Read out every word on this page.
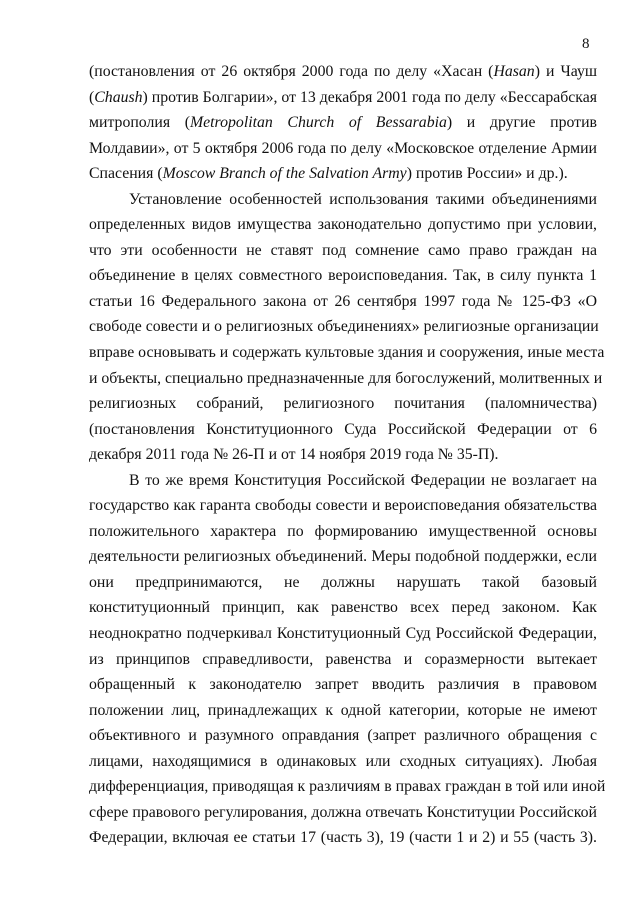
8
(постановления от 26 октября 2000 года по делу «Хасан (Hasan) и Чауш
(Chaush) против Болгарии», от 13 декабря 2001 года по делу «Бессарабская
митрополия (Metropolitan Church of Bessarabia) и другие против
Молдавии», от 5 октября 2006 года по делу «Московское отделение Армии
Спасения (Moscow Branch of the Salvation Army) против России» и др.).
Установление особенностей использования такими объединениями
определенных видов имущества законодательно допустимо при условии,
что эти особенности не ставят под сомнение само право граждан на
объединение в целях совместного вероисповедания. Так, в силу пункта 1
статьи 16 Федерального закона от 26 сентября 1997 года № 125-ФЗ «О
свободе совести и о религиозных объединениях» религиозные организации
вправе основывать и содержать культовые здания и сооружения, иные места
и объекты, специально предназначенные для богослужений, молитвенных и
религиозных собраний, религиозного почитания (паломничества)
(постановления Конституционного Суда Российской Федерации от 6
декабря 2011 года № 26-П и от 14 ноября 2019 года № 35-П).
В то же время Конституция Российской Федерации не возлагает на
государство как гаранта свободы совести и вероисповедания обязательства
положительного характера по формированию имущественной основы
деятельности религиозных объединений. Меры подобной поддержки, если
они предпринимаются, не должны нарушать такой базовый
конституционный принцип, как равенство всех перед законом. Как
неоднократно подчеркивал Конституционный Суд Российской Федерации,
из принципов справедливости, равенства и соразмерности вытекает
обращенный к законодателю запрет вводить различия в правовом
положении лиц, принадлежащих к одной категории, которые не имеют
объективного и разумного оправдания (запрет различного обращения с
лицами, находящимися в одинаковых или сходных ситуациях). Любая
дифференциация, приводящая к различиям в правах граждан в той или иной
сфере правового регулирования, должна отвечать Конституции Российской
Федерации, включая ее статьи 17 (часть 3), 19 (части 1 и 2) и 55 (часть 3).
